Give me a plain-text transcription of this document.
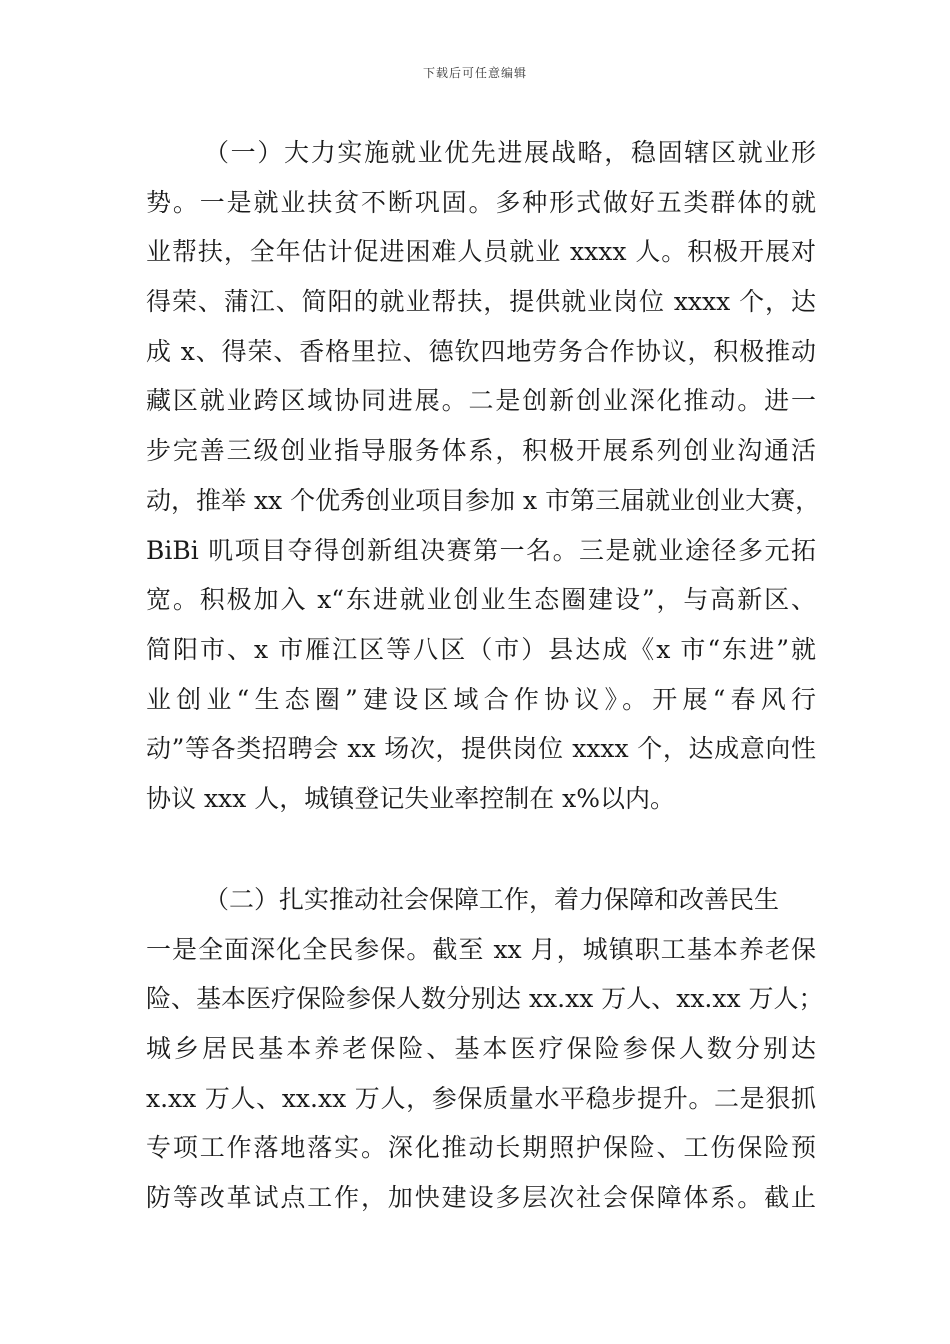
下载后可任意编辑
（一）大力实施就业优先进展战略，稳固辖区就业形
势。一是就业扶贫不断巩固。多种形式做好五类群体的就
业帮扶，全年估计促进困难人员就业 xxxx 人。积极开展对
得荣、蒲江、简阳的就业帮扶，提供就业岗位 xxxx 个，达
成 x、得荣、香格里拉、德钦四地劳务合作协议，积极推动
藏区就业跨区域协同进展。二是创新创业深化推动。进一
步完善三级创业指导服务体系，积极开展系列创业沟通活
动，推举 xx 个优秀创业项目参加 x 市第三届就业创业大赛，
BiBi 叽项目夺得创新组决赛第一名。三是就业途径多元拓
宽。积极加入 x“东进就业创业生态圈建设”，与高新区、
简阳市、x 市雁江区等八区（市）县达成《x 市“东进”就
业创业“生态圈”建设区域合作协议》。开展“春风行
动”等各类招聘会 xx 场次，提供岗位 xxxx 个，达成意向性
协议 xxx 人，城镇登记失业率控制在 x%以内。
（二）扎实推动社会保障工作，着力保障和改善民生
一是全面深化全民参保。截至 xx 月，城镇职工基本养老保
险、基本医疗保险参保人数分别达 xx.xx 万人、xx.xx 万人；
城乡居民基本养老保险、基本医疗保险参保人数分别达
x.xx 万人、xx.xx 万人，参保质量水平稳步提升。二是狠抓
专项工作落地落实。深化推动长期照护保险、工伤保险预
防等改革试点工作，加快建设多层次社会保障体系。截止
